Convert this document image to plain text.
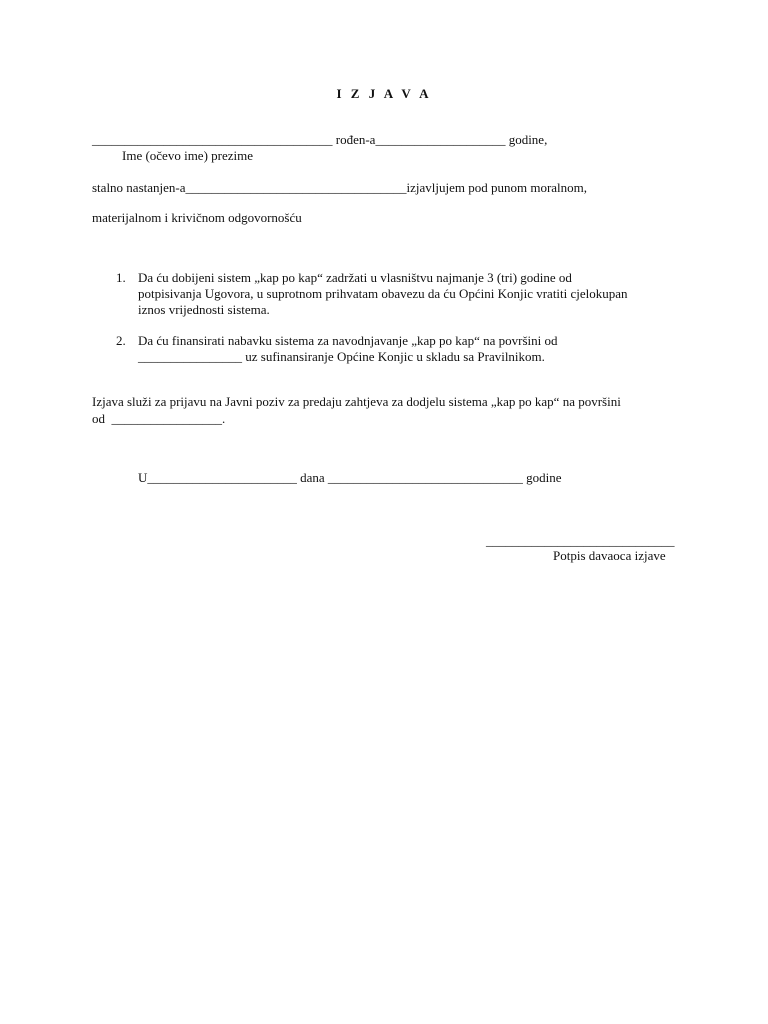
I Z J A V A
_____________________________________ rođen-a____________________ godine,
Ime (očevo ime) prezime
stalno nastanjen-a__________________________________izjavljujem pod punom moralnom,
materijalnom i krivičnom odgovornošću
1. Da ću dobijeni sistem „kap po kap“ zadržati u vlasništvu najmanje 3 (tri) godine od
potpisivanja Ugovora, u suprotnom prihvatam obavezu da ću Općini Konjic vratiti cjelokupan
iznos vrijednosti sistema.
2. Da ću finansirati nabavku sistema za navodnjavanje „kap po kap“ na površini od
________________ uz sufinansiranje Općine Konjic u skladu sa Pravilnikom.
Izjava služi za prijavu na Javni poziv za predaju zahtjeva za dodjelu sistema „kap po kap“ na površini
od  _________________.
U_______________________ dana ______________________________ godine
_____________________________
Potpis davaoca izjave
